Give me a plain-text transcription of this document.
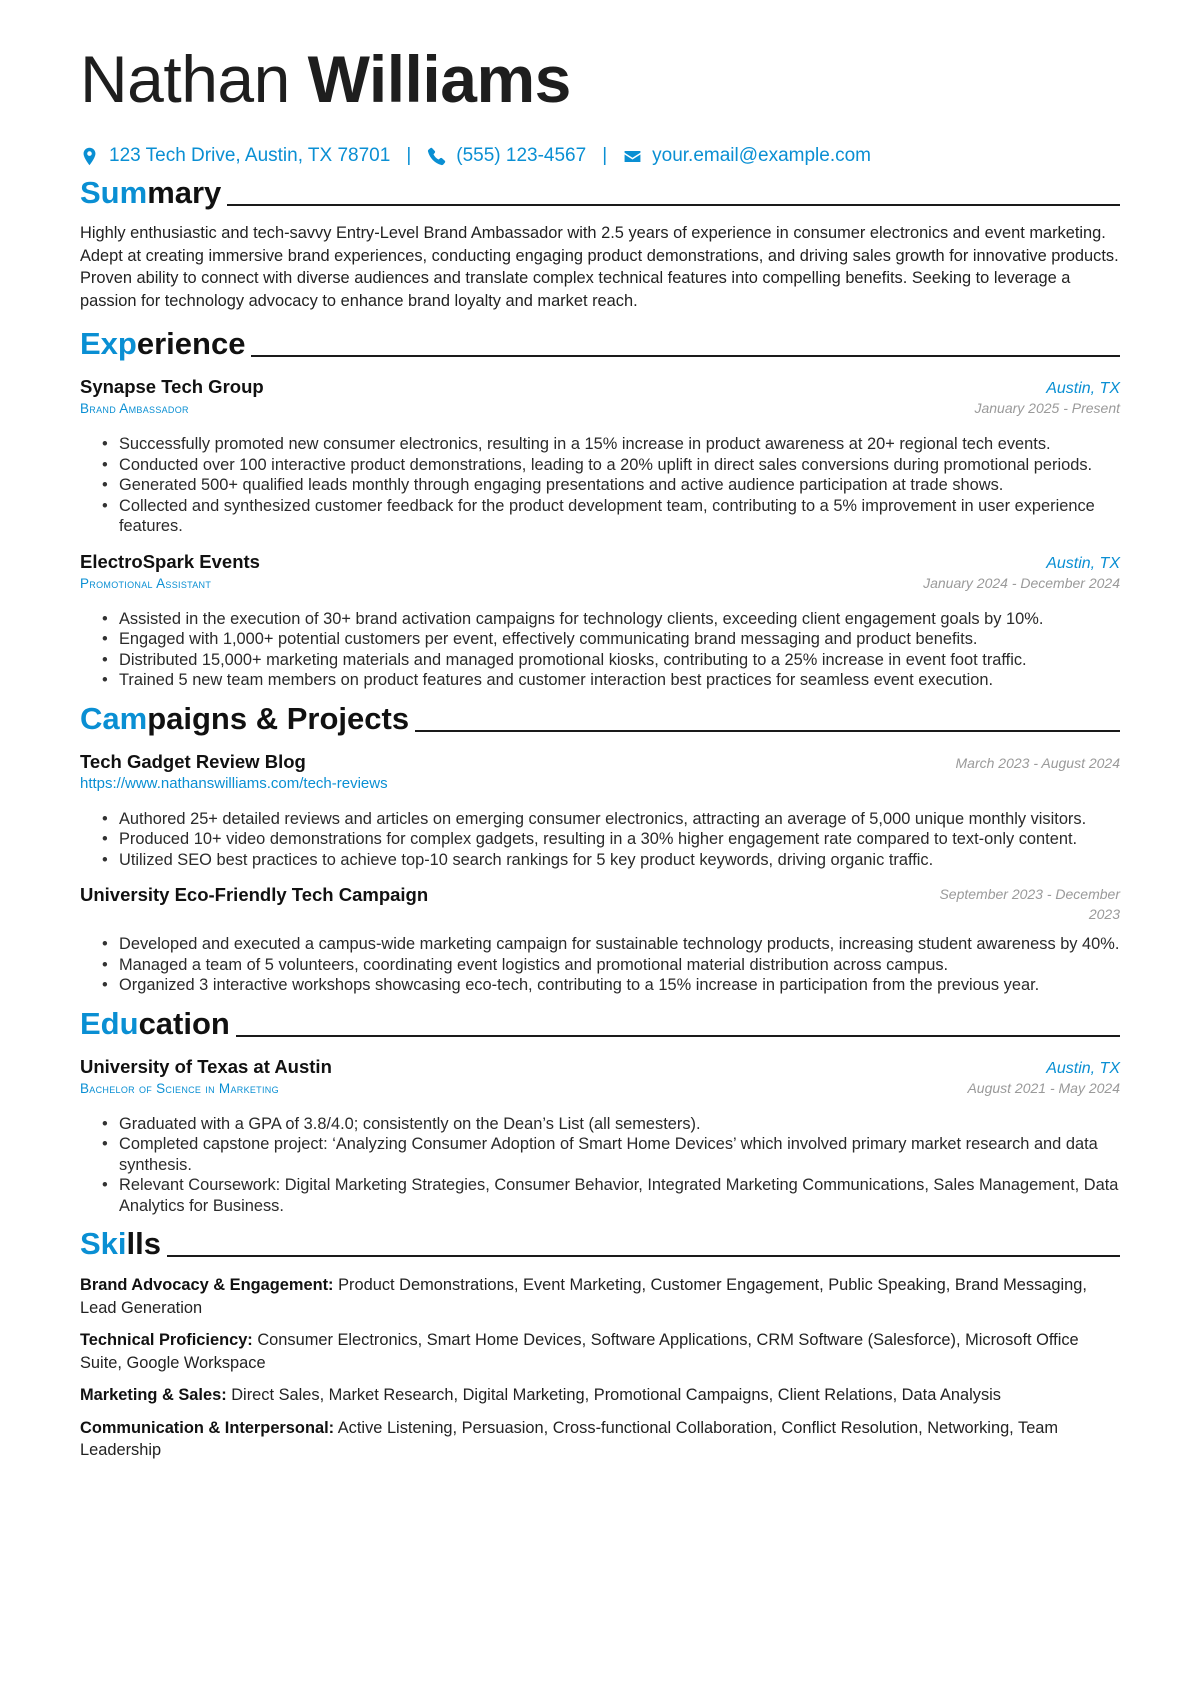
Nathan Williams
123 Tech Drive, Austin, TX 78701 | (555) 123-4567 | your.email@example.com
Summary
Highly enthusiastic and tech-savvy Entry-Level Brand Ambassador with 2.5 years of experience in consumer electronics and event marketing. Adept at creating immersive brand experiences, conducting engaging product demonstrations, and driving sales growth for innovative products. Proven ability to connect with diverse audiences and translate complex technical features into compelling benefits. Seeking to leverage a passion for technology advocacy to enhance brand loyalty and market reach.
Experience
Synapse Tech Group	Austin, TX
Brand Ambassador	January 2025 - Present
• Successfully promoted new consumer electronics, resulting in a 15% increase in product awareness at 20+ regional tech events.
• Conducted over 100 interactive product demonstrations, leading to a 20% uplift in direct sales conversions during promotional periods.
• Generated 500+ qualified leads monthly through engaging presentations and active audience participation at trade shows.
• Collected and synthesized customer feedback for the product development team, contributing to a 5% improvement in user experience features.
ElectroSpark Events	Austin, TX
Promotional Assistant	January 2024 - December 2024
• Assisted in the execution of 30+ brand activation campaigns for technology clients, exceeding client engagement goals by 10%.
• Engaged with 1,000+ potential customers per event, effectively communicating brand messaging and product benefits.
• Distributed 15,000+ marketing materials and managed promotional kiosks, contributing to a 25% increase in event foot traffic.
• Trained 5 new team members on product features and customer interaction best practices for seamless event execution.
Campaigns & Projects
Tech Gadget Review Blog	March 2023 - August 2024
https://www.nathanswilliams.com/tech-reviews
• Authored 25+ detailed reviews and articles on emerging consumer electronics, attracting an average of 5,000 unique monthly visitors.
• Produced 10+ video demonstrations for complex gadgets, resulting in a 30% higher engagement rate compared to text-only content.
• Utilized SEO best practices to achieve top-10 search rankings for 5 key product keywords, driving organic traffic.
University Eco-Friendly Tech Campaign	September 2023 - December
2023
• Developed and executed a campus-wide marketing campaign for sustainable technology products, increasing student awareness by 40%.
• Managed a team of 5 volunteers, coordinating event logistics and promotional material distribution across campus.
• Organized 3 interactive workshops showcasing eco-tech, contributing to a 15% increase in participation from the previous year.
Education
University of Texas at Austin	Austin, TX
Bachelor of Science in Marketing	August 2021 - May 2024
• Graduated with a GPA of 3.8/4.0; consistently on the Dean’s List (all semesters).
• Completed capstone project: ‘Analyzing Consumer Adoption of Smart Home Devices’ which involved primary market research and data synthesis.
• Relevant Coursework: Digital Marketing Strategies, Consumer Behavior, Integrated Marketing Communications, Sales Management, Data Analytics for Business.
Skills

Brand Advocacy & Engagement: Product Demonstrations, Event Marketing, Customer Engagement, Public Speaking, Brand Messaging, Lead Generation

Technical Proficiency: Consumer Electronics, Smart Home Devices, Software Applications, CRM Software (Salesforce), Microsoft Office Suite, Google Workspace

Marketing & Sales: Direct Sales, Market Research, Digital Marketing, Promotional Campaigns, Client Relations, Data Analysis

Communication & Interpersonal: Active Listening, Persuasion, Cross-functional Collaboration, Conflict Resolution, Networking, Team Leadership
